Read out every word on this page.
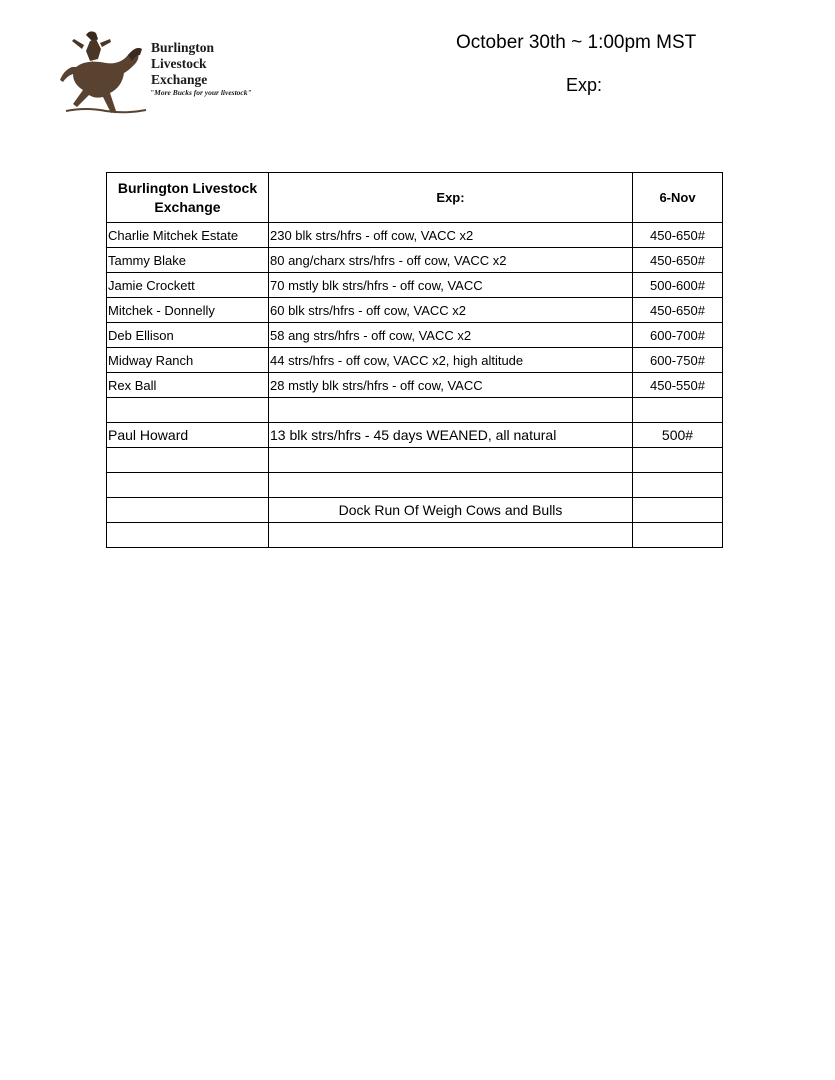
Burlington
Livestock
Exchange
"More Bucks for your livestock"
October 30th ~ 1:00pm MST
Exp:
Burlington Livestock
Exchange	Exp:	6-Nov
Charlie Mitchek Estate	230 blk strs/hfrs - off cow, VACC x2	450-650#
Tammy Blake	80 ang/charx strs/hfrs - off cow, VACC x2	450-650#
Jamie Crockett	70 mstly blk strs/hfrs - off cow, VACC	500-600#
Mitchek - Donnelly	60 blk strs/hfrs - off cow, VACC x2	450-650#
Deb Ellison	58 ang strs/hfrs - off cow, VACC x2	600-700#
Midway Ranch	44 strs/hfrs - off cow, VACC x2, high altitude	600-750#
Rex Ball	28 mstly blk strs/hfrs - off cow, VACC	450-550#

Paul Howard	13 blk strs/hfrs - 45 days WEANED, all natural	500#

	Dock Run Of Weigh Cows and Bulls	
